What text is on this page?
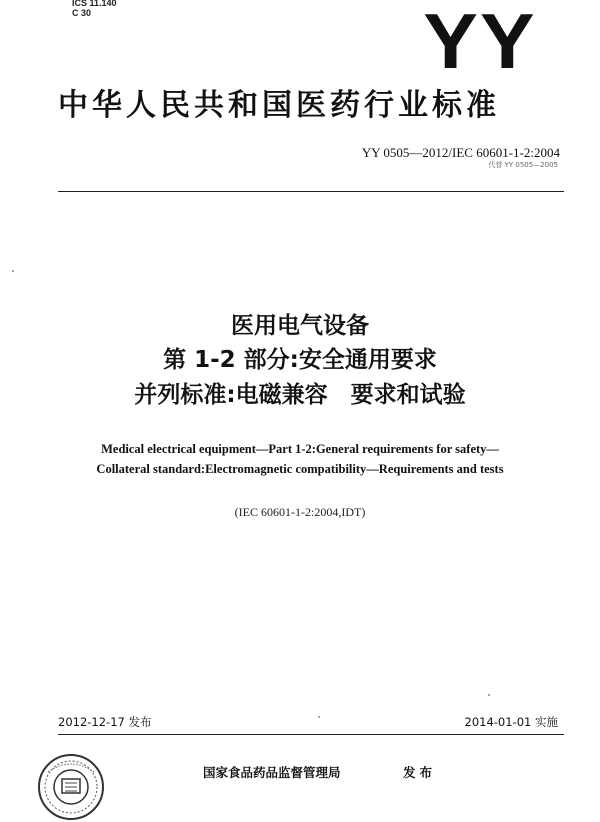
ICS 11.140
C 30	YY
中华人民共和国医药行业标准
YY 0505—2012/IEC 60601-1-2:2004
代替 YY 0505—2005
医用电气设备
第 1-2 部分:安全通用要求
并列标准:电磁兼容　要求和试验
Medical electrical equipment—Part 1-2:General requirements for safety—
Collateral standard:Electromagnetic compatibility—Requirements and tests
(IEC 60601-1-2:2004,IDT)
2012-12-17 发布	2014-01-01 实施
国家食品药品监督管理局	发布
